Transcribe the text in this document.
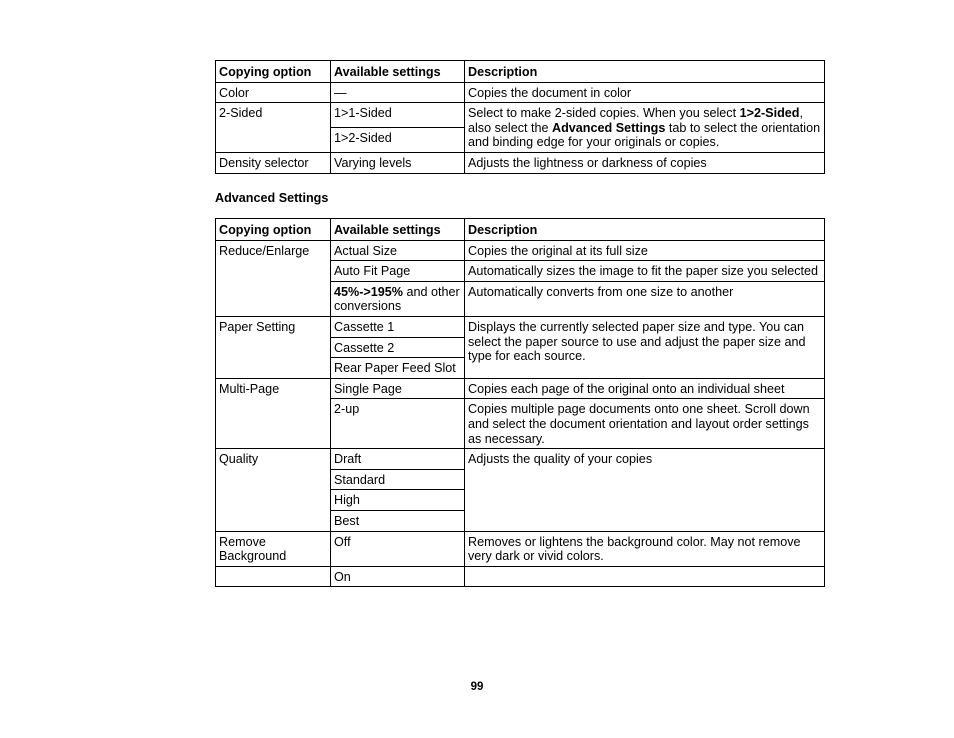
Copying option	Available settings	Description
Color	—	Copies the document in color
2-Sided	1>1-Sided	Select to make 2-sided copies. When you select 1>2-Sided, also select the Advanced Settings tab to select the orientation and binding edge for your originals or copies.
	1>2-Sided	
Density selector	Varying levels	Adjusts the lightness or darkness of copies
Advanced Settings
Copying option	Available settings	Description
Reduce/Enlarge	Actual Size	Copies the original at its full size
	Auto Fit Page	Automatically sizes the image to fit the paper size you selected
	45%->195% and other conversions	Automatically converts from one size to another
Paper Setting	Cassette 1	Displays the currently selected paper size and type. You can select the paper source to use and adjust the paper size and type for each source.
	Cassette 2	
	Rear Paper Feed Slot	
Multi-Page	Single Page	Copies each page of the original onto an individual sheet
	2-up	Copies multiple page documents onto one sheet. Scroll down and select the document orientation and layout order settings as necessary.
Quality	Draft	Adjusts the quality of your copies
	Standard	
	High	
	Best	
Remove Background	Off	Removes or lightens the background color. May not remove very dark or vivid colors.
	On	
99
